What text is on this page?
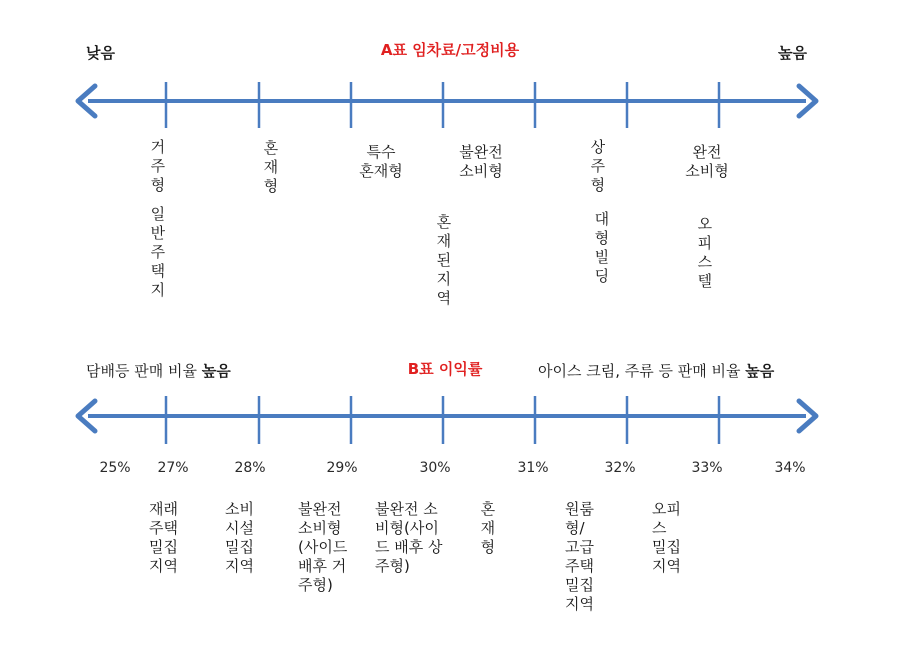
낮음	A표 임차료/고정비용	높음
거주형
일반주택지
혼재형
특수
혼재형
불완전
소비형
혼재된지역
상주형
대형빌딩
완전
소비형
오피스텔
담배등 판매 비율 높음	B표 이익률	아이스 크림, 주류 등 판매 비율 높음
25%	27%	28%	29%	30%	31%	32%	33%	34%
재래
주택
밀집
지역
소비
시설
밀집
지역
불완전
소비형
(사이드
배후 거
주형)
불완전 소
비형(사이
드 배후 상
주형)
혼재형
원룸
형/
고급
주택
밀집
지역
오피
스
밀집
지역
